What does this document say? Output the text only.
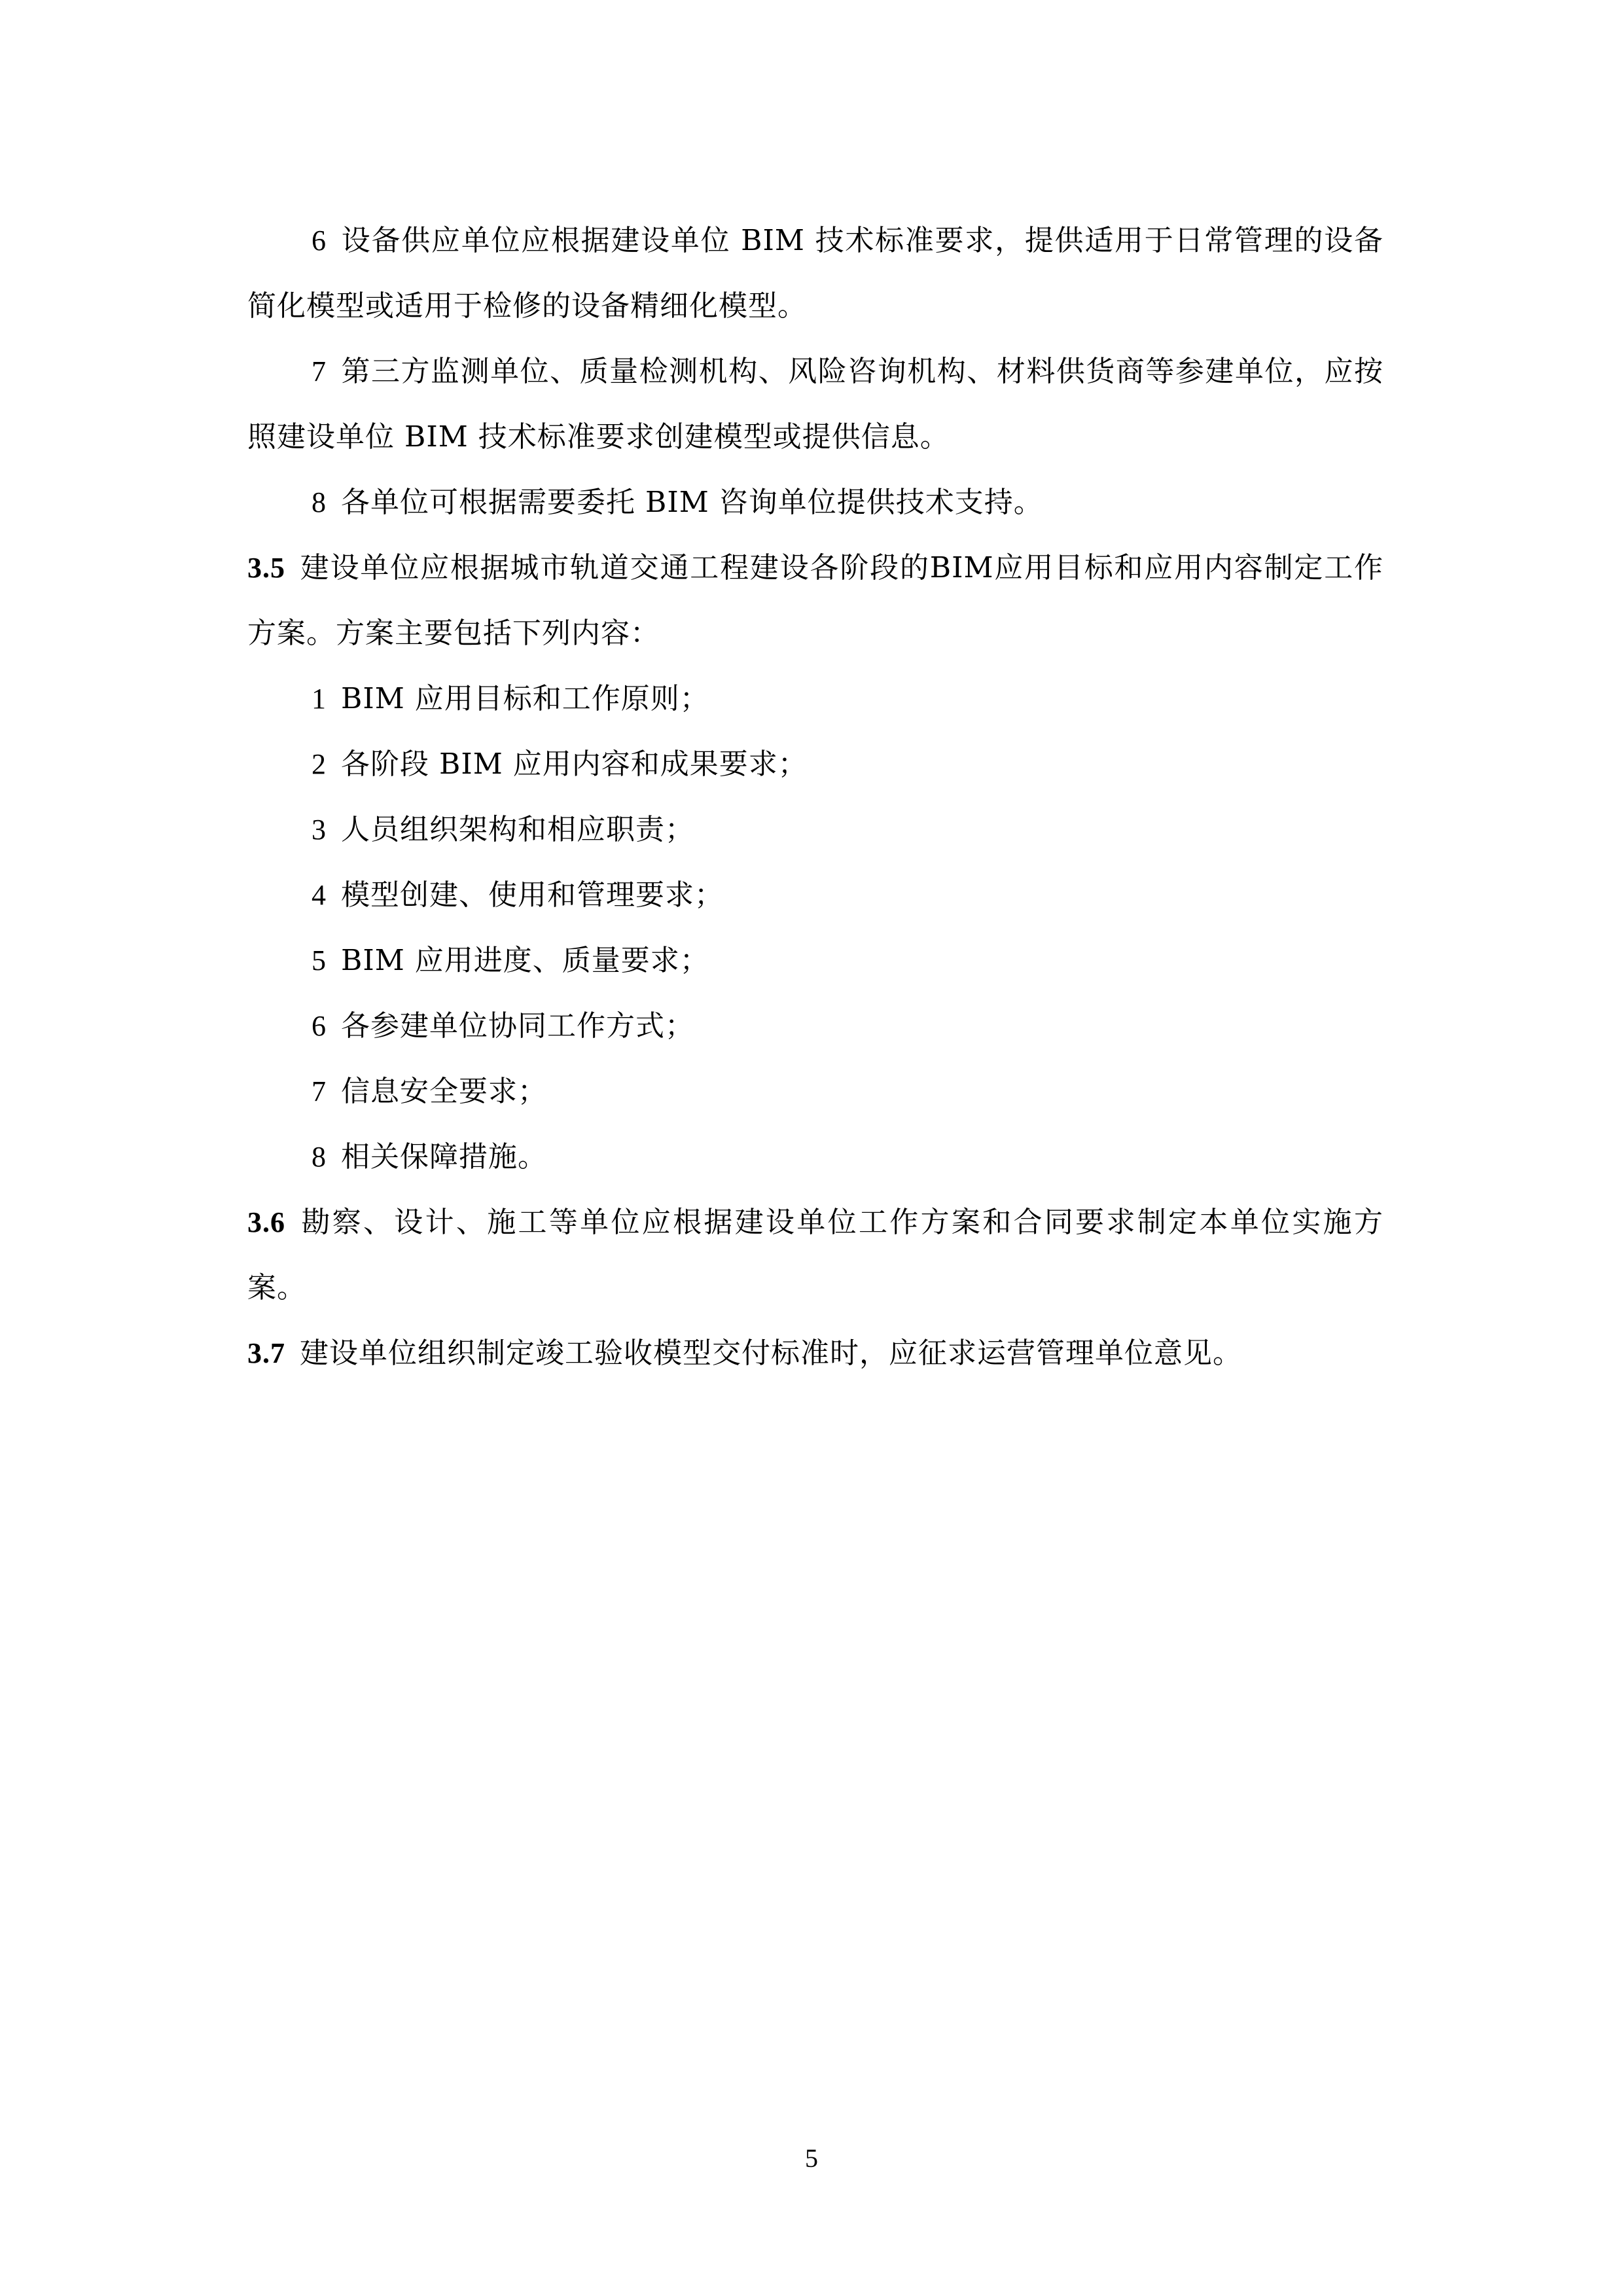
6 设备供应单位应根据建设单位 BIM 技术标准要求，提供适用于日常管理的设备简化模型或适用于检修的设备精细化模型。

7 第三方监测单位、质量检测机构、风险咨询机构、材料供货商等参建单位，应按照建设单位 BIM 技术标准要求创建模型或提供信息。

8 各单位可根据需要委托 BIM 咨询单位提供技术支持。

3.5 建设单位应根据城市轨道交通工程建设各阶段的BIM应用目标和应用内容制定工作方案。方案主要包括下列内容：

1 BIM 应用目标和工作原则；

2 各阶段 BIM 应用内容和成果要求；

3 人员组织架构和相应职责；

4 模型创建、使用和管理要求；

5 BIM 应用进度、质量要求；

6 各参建单位协同工作方式；

7 信息安全要求；

8 相关保障措施。

3.6 勘察、设计、施工等单位应根据建设单位工作方案和合同要求制定本单位实施方案。

3.7 建设单位组织制定竣工验收模型交付标准时，应征求运营管理单位意见。

5
